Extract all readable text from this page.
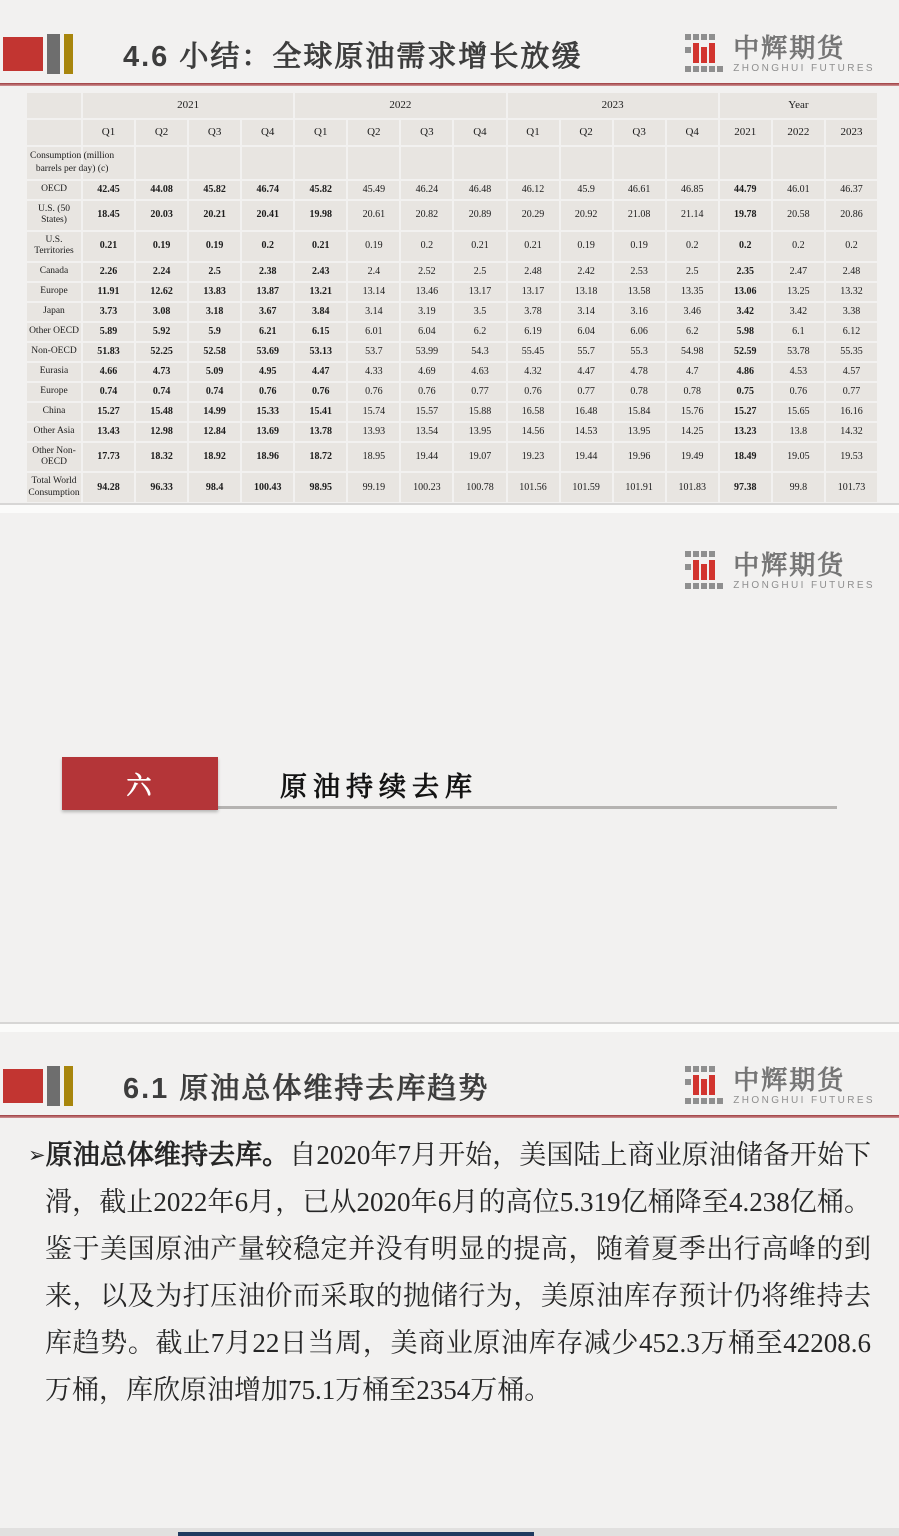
4.6 小结：全球原油需求增长放缓	中辉期货
ZHONGHUI FUTURES
	2021				2022				2023				Year		
	Q1	Q2	Q3	Q4	Q1	Q2	Q3	Q4	Q1	Q2	Q3	Q4	2021	2022	2023
Consumption (million
barrels per day) (c)															
OECD	42.45	44.08	45.82	46.74	45.82	45.49	46.24	46.48	46.12	45.9	46.61	46.85	44.79	46.01	46.37
U.S. (50 States)	18.45	20.03	20.21	20.41	19.98	20.61	20.82	20.89	20.29	20.92	21.08	21.14	19.78	20.58	20.86
U.S. Territories	0.21	0.19	0.19	0.2	0.21	0.19	0.2	0.21	0.21	0.19	0.19	0.2	0.2	0.2	0.2
Canada	2.26	2.24	2.5	2.38	2.43	2.4	2.52	2.5	2.48	2.42	2.53	2.5	2.35	2.47	2.48
Europe	11.91	12.62	13.83	13.87	13.21	13.14	13.46	13.17	13.17	13.18	13.58	13.35	13.06	13.25	13.32
Japan	3.73	3.08	3.18	3.67	3.84	3.14	3.19	3.5	3.78	3.14	3.16	3.46	3.42	3.42	3.38
Other OECD	5.89	5.92	5.9	6.21	6.15	6.01	6.04	6.2	6.19	6.04	6.06	6.2	5.98	6.1	6.12
Non-OECD	51.83	52.25	52.58	53.69	53.13	53.7	53.99	54.3	55.45	55.7	55.3	54.98	52.59	53.78	55.35
Eurasia	4.66	4.73	5.09	4.95	4.47	4.33	4.69	4.63	4.32	4.47	4.78	4.7	4.86	4.53	4.57
Europe	0.74	0.74	0.74	0.76	0.76	0.76	0.76	0.77	0.76	0.77	0.78	0.78	0.75	0.76	0.77
China	15.27	15.48	14.99	15.33	15.41	15.74	15.57	15.88	16.58	16.48	15.84	15.76	15.27	15.65	16.16
Other Asia	13.43	12.98	12.84	13.69	13.78	13.93	13.54	13.95	14.56	14.53	13.95	14.25	13.23	13.8	14.32
Other Non-OECD	17.73	18.32	18.92	18.96	18.72	18.95	19.44	19.07	19.23	19.44	19.96	19.49	18.49	19.05	19.53
Total World Consumption	94.28	96.33	98.4	100.43	98.95	99.19	100.23	100.78	101.56	101.59	101.91	101.83	97.38	99.8	101.73
中辉期货
ZHONGHUI FUTURES
六	原油持续去库
6.1 原油总体维持去库趋势	中辉期货
ZHONGHUI FUTURES
➢原油总体维持去库。自2020年7月开始，美国陆上商业原油储备开始下滑，截止2022年6月，已从2020年6月的高位5.319亿桶降至4.238亿桶。鉴于美国原油产量较稳定并没有明显的提高，随着夏季出行高峰的到来，以及为打压油价而采取的抛储行为，美原油库存预计仍将维持去库趋势。截止7月22日当周，美商业原油库存减少452.3万桶至42208.6万桶，库欣原油增加75.1万桶至2354万桶。
